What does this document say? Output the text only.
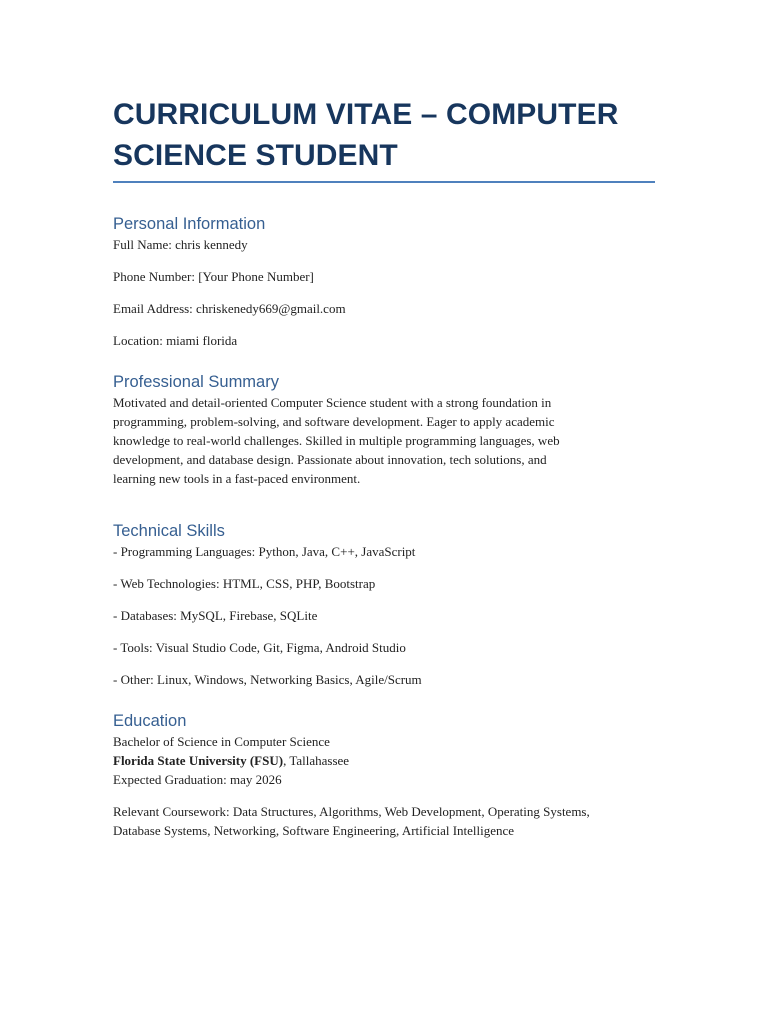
CURRICULUM VITAE – COMPUTER
SCIENCE STUDENT
Personal Information

Full Name: chris kennedy

Phone Number: [Your Phone Number]

Email Address: chriskenedy669@gmail.com

Location: miami florida

Professional Summary

Motivated and detail-oriented Computer Science student with a strong foundation in
programming, problem-solving, and software development. Eager to apply academic
knowledge to real-world challenges. Skilled in multiple programming languages, web
development, and database design. Passionate about innovation, tech solutions, and
learning new tools in a fast-paced environment.

Technical Skills

- Programming Languages: Python, Java, C++, JavaScript

- Web Technologies: HTML, CSS, PHP, Bootstrap

- Databases: MySQL, Firebase, SQLite

- Tools: Visual Studio Code, Git, Figma, Android Studio

- Other: Linux, Windows, Networking Basics, Agile/Scrum

Education

Bachelor of Science in Computer Science

Florida State University (FSU), Tallahassee

Expected Graduation: may 2026

Relevant Coursework: Data Structures, Algorithms, Web Development, Operating Systems,
Database Systems, Networking, Software Engineering, Artificial Intelligence
